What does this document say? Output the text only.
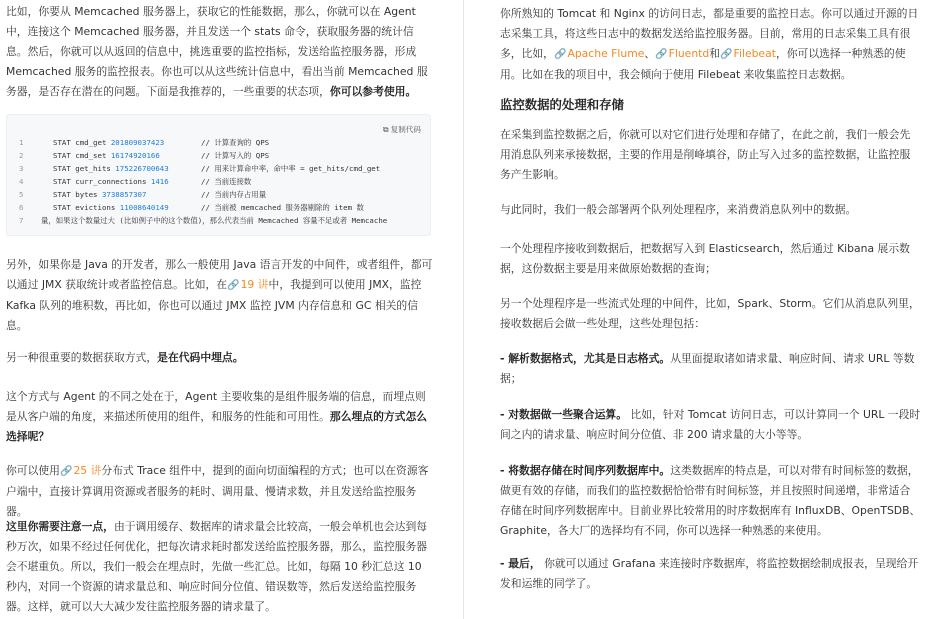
比如，你要从 Memcached 服务器上，获取它的性能数据，那么，你就可以在 Agent 中，连接这个 Memcached 服务器，并且发送一个 stats 命令，获取服务器的统计信息。然后，你就可以从返回的信息中，挑选重要的监控指标，发送给监控服务器，形成 Memcached 服务的监控报表。你也可以从这些统计信息中，看出当前 Memcached 服务器，是否存在潜在的问题。下面是我推荐的，一些重要的状态项，你可以参考使用。

⧉ 复制代码
1	STAT cmd_get 201809037423	// 计算查询的 QPS
2	STAT cmd_set 16174920166	// 计算写入的 QPS
3	STAT get_hits 175226700643	// 用来计算命中率，命中率 = get_hits/cmd_get
4	STAT curr_connections 1416	// 当前连接数
5	STAT bytes 3738857307	// 当前内存占用量
6	STAT evictions 11008640149	// 当前被 memcached 服务器剔除的 item 数
7	量，如果这个数量过大 (比如例子中的这个数值)，那么代表当前 Memcached 容量不足或者 Memcache

另外，如果你是 Java 的开发者，那么一般使用 Java 语言开发的中间件，或者组件，都可以通过 JMX 获取统计或者监控信息。比如，在🔗19 讲中，我提到可以使用 JMX，监控 Kafka 队列的堆积数，再比如，你也可以通过 JMX 监控 JVM 内存信息和 GC 相关的信息。

另一种很重要的数据获取方式，是在代码中埋点。

这个方式与 Agent 的不同之处在于，Agent 主要收集的是组件服务端的信息，而埋点则是从客户端的角度，来描述所使用的组件，和服务的性能和可用性。那么埋点的方式怎么选择呢？

你可以使用🔗25 讲分布式 Trace 组件中，提到的面向切面编程的方式；也可以在资源客户端中，直接计算调用资源或者服务的耗时、调用量、慢请求数，并且发送给监控服务器。

这里你需要注意一点，由于调用缓存、数据库的请求量会比较高，一般会单机也会达到每秒万次，如果不经过任何优化，把每次请求耗时都发送给监控服务器，那么，监控服务器会不堪重负。所以，我们一般会在埋点时，先做一些汇总。比如，每隔 10 秒汇总这 10 秒内，对同一个资源的请求量总和、响应时间分位值、错误数等，然后发送给监控服务器。这样，就可以大大减少发往监控服务器的请求量了。

你所熟知的 Tomcat 和 Nginx 的访问日志，都是重要的监控日志。你可以通过开源的日志采集工具，将这些日志中的数据发送给监控服务器。目前，常用的日志采集工具有很多，比如，🔗Apache Flume、🔗Fluentd和🔗Filebeat，你可以选择一种熟悉的使用。比如在我的项目中，我会倾向于使用 Filebeat 来收集监控日志数据。

监控数据的处理和存储

在采集到监控数据之后，你就可以对它们进行处理和存储了，在此之前，我们一般会先用消息队列来承接数据，主要的作用是削峰填谷，防止写入过多的监控数据，让监控服务产生影响。

与此同时，我们一般会部署两个队列处理程序，来消费消息队列中的数据。

一个处理程序接收到数据后，把数据写入到 Elasticsearch，然后通过 Kibana 展示数据，这份数据主要是用来做原始数据的查询；

另一个处理程序是一些流式处理的中间件，比如，Spark、Storm。它们从消息队列里，接收数据后会做一些处理，这些处理包括：

- 解析数据格式，尤其是日志格式。从里面提取诸如请求量、响应时间、请求 URL 等数据；

- 对数据做一些聚合运算。 比如，针对 Tomcat 访问日志，可以计算同一个 URL 一段时间之内的请求量、响应时间分位值、非 200 请求量的大小等等。

- 将数据存储在时间序列数据库中。这类数据库的特点是，可以对带有时间标签的数据，做更有效的存储，而我们的监控数据恰恰带有时间标签，并且按照时间递增，非常适合存储在时间序列数据库中。目前业界比较常用的时序数据库有 InfluxDB、OpenTSDB、Graphite，各大厂的选择均有不同，你可以选择一种熟悉的来使用。

- 最后， 你就可以通过 Grafana 来连接时序数据库，将监控数据绘制成报表，呈现给开发和运维的同学了。
